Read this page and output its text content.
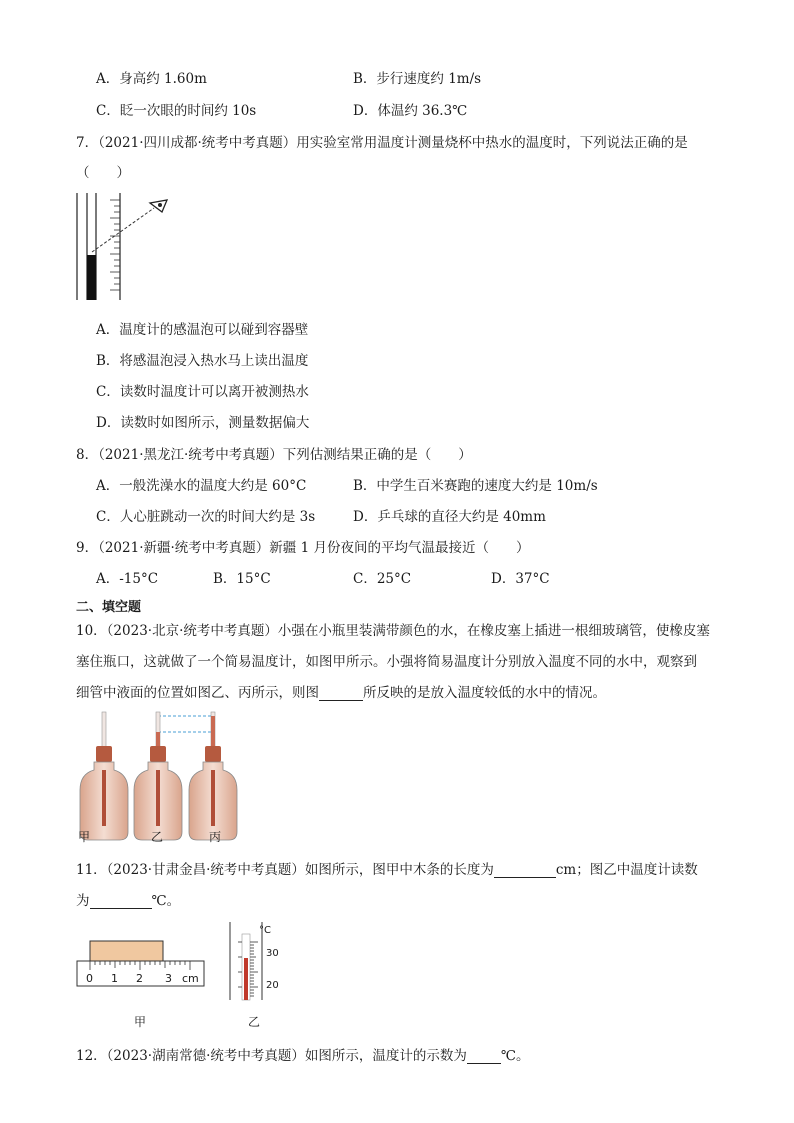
A．身高约 1.60m	B．步行速度约 1m/s
C．眨一次眼的时间约 10s	D．体温约 36.3℃
7．（2021·四川成都·统考中考真题）用实验室常用温度计测量烧杯中热水的温度时，下列说法正确的是
（　　）
A．温度计的感温泡可以碰到容器壁
B．将感温泡浸入热水马上读出温度
C．读数时温度计可以离开被测热水
D．读数时如图所示，测量数据偏大
8．（2021·黑龙江·统考中考真题）下列估测结果正确的是（　　）
A．一般洗澡水的温度大约是 60°C	B．中学生百米赛跑的速度大约是 10m/s
C．人心脏跳动一次的时间大约是 3s	D．乒乓球的直径大约是 40mm
9．（2021·新疆·统考中考真题）新疆 1 月份夜间的平均气温最接近（　　）
A．-15°C	B．15°C	C．25°C	D．37°C
二、填空题
10．（2023·北京·统考中考真题）小强在小瓶里装满带颜色的水，在橡皮塞上插进一根细玻璃管，使橡皮塞
塞住瓶口，这就做了一个简易温度计，如图甲所示。小强将简易温度计分别放入温度不同的水中，观察到
细管中液面的位置如图乙、丙所示，则图	所反映的是放入温度较低的水中的情况。
甲	乙	丙
11．（2023·甘肃金昌·统考中考真题）如图所示，图甲中木条的长度为	cm；图乙中温度计读数
为	℃。
0 1 2 3 cm
°C
30
20
甲	乙
12．（2023·湖南常德·统考中考真题）如图所示，温度计的示数为	℃。
